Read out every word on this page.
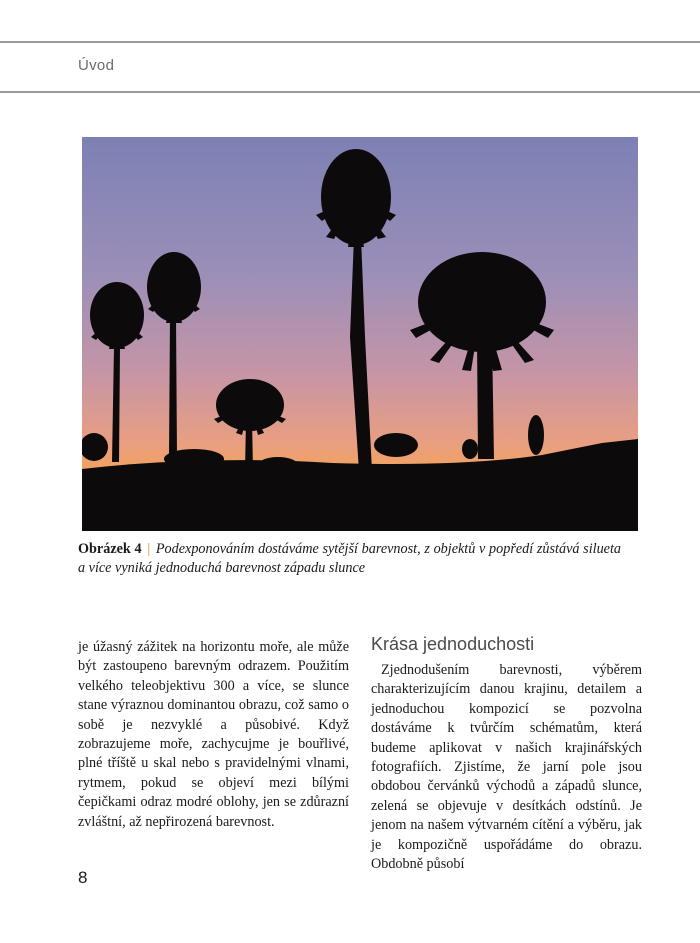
Úvod
Obrázek 4 | Podexponováním dostáváme sytější barevnost, z objektů v popředí zůstává silueta a více vyniká jednoduchá barevnost západu slunce

je úžasný zážitek na horizontu moře, ale může být zastoupeno barevným odrazem. Použitím velkého teleobjektivu 300 a více, se slunce stane výraznou dominantou obrazu, což samo o sobě je nezvyklé a působivé. Když zobrazujeme moře, zachycujme je bouřlivé, plné tříště u skal nebo s pravidelnými vlnami, rytmem, pokud se objeví mezi bílými čepičkami odraz modré oblohy, jen se zdůrazní zvláštní, až nepřirozená barevnost.

Krása jednoduchosti

Zjednodušením barevnosti, výběrem charakterizujícím danou krajinu, detailem a jednoduchou kompozicí se pozvolna dostáváme k tvůrčím schématům, která budeme aplikovat v našich krajinářských fotografiích. Zjistíme, že jarní pole jsou obdobou červánků východů a západů slunce, zelená se objevuje v desítkách odstínů. Je jenom na našem výtvarném cítění a výběru, jak je kompozičně uspořádáme do obrazu. Obdobně působí

8
